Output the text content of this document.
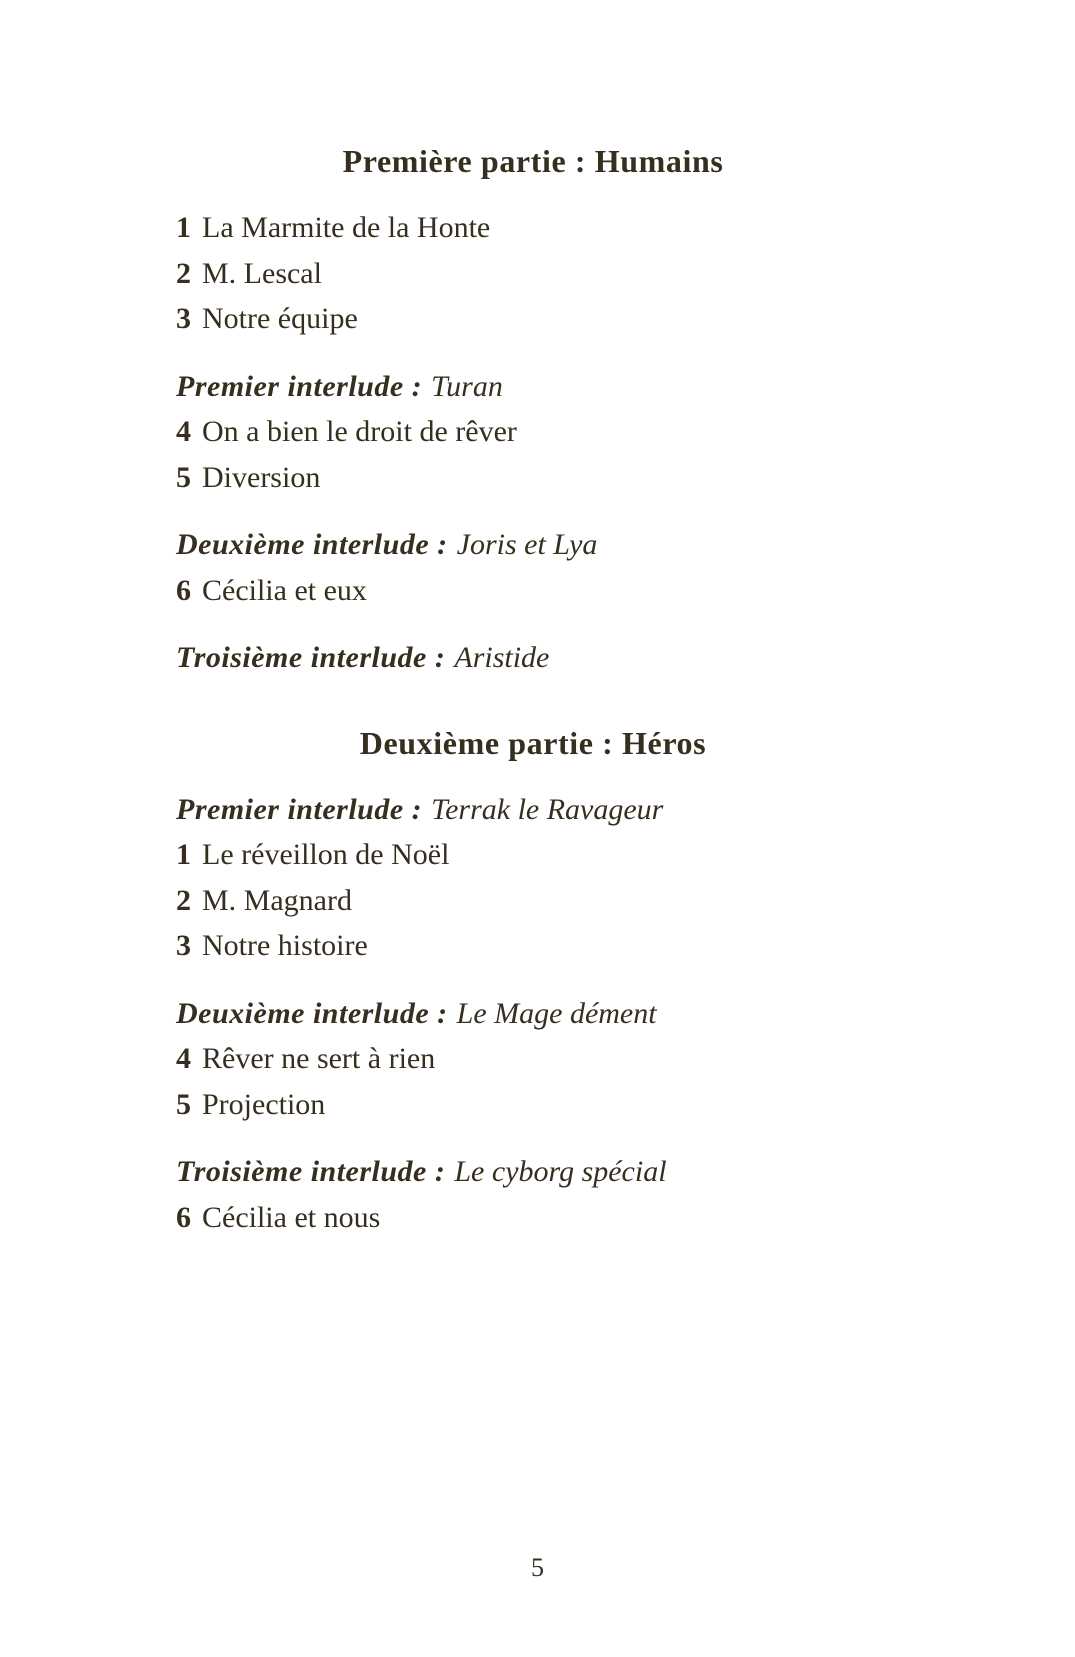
Première partie : Humains
1 La Marmite de la Honte
2 M. Lescal
3 Notre équipe
Premier interlude : Turan
4 On a bien le droit de rêver
5 Diversion
Deuxième interlude : Joris et Lya
6 Cécilia et eux
Troisième interlude : Aristide
Deuxième partie : Héros
Premier interlude : Terrak le Ravageur
1 Le réveillon de Noël
2 M. Magnard
3 Notre histoire
Deuxième interlude : Le Mage dément
4 Rêver ne sert à rien
5 Projection
Troisième interlude : Le cyborg spécial
6 Cécilia et nous
5
